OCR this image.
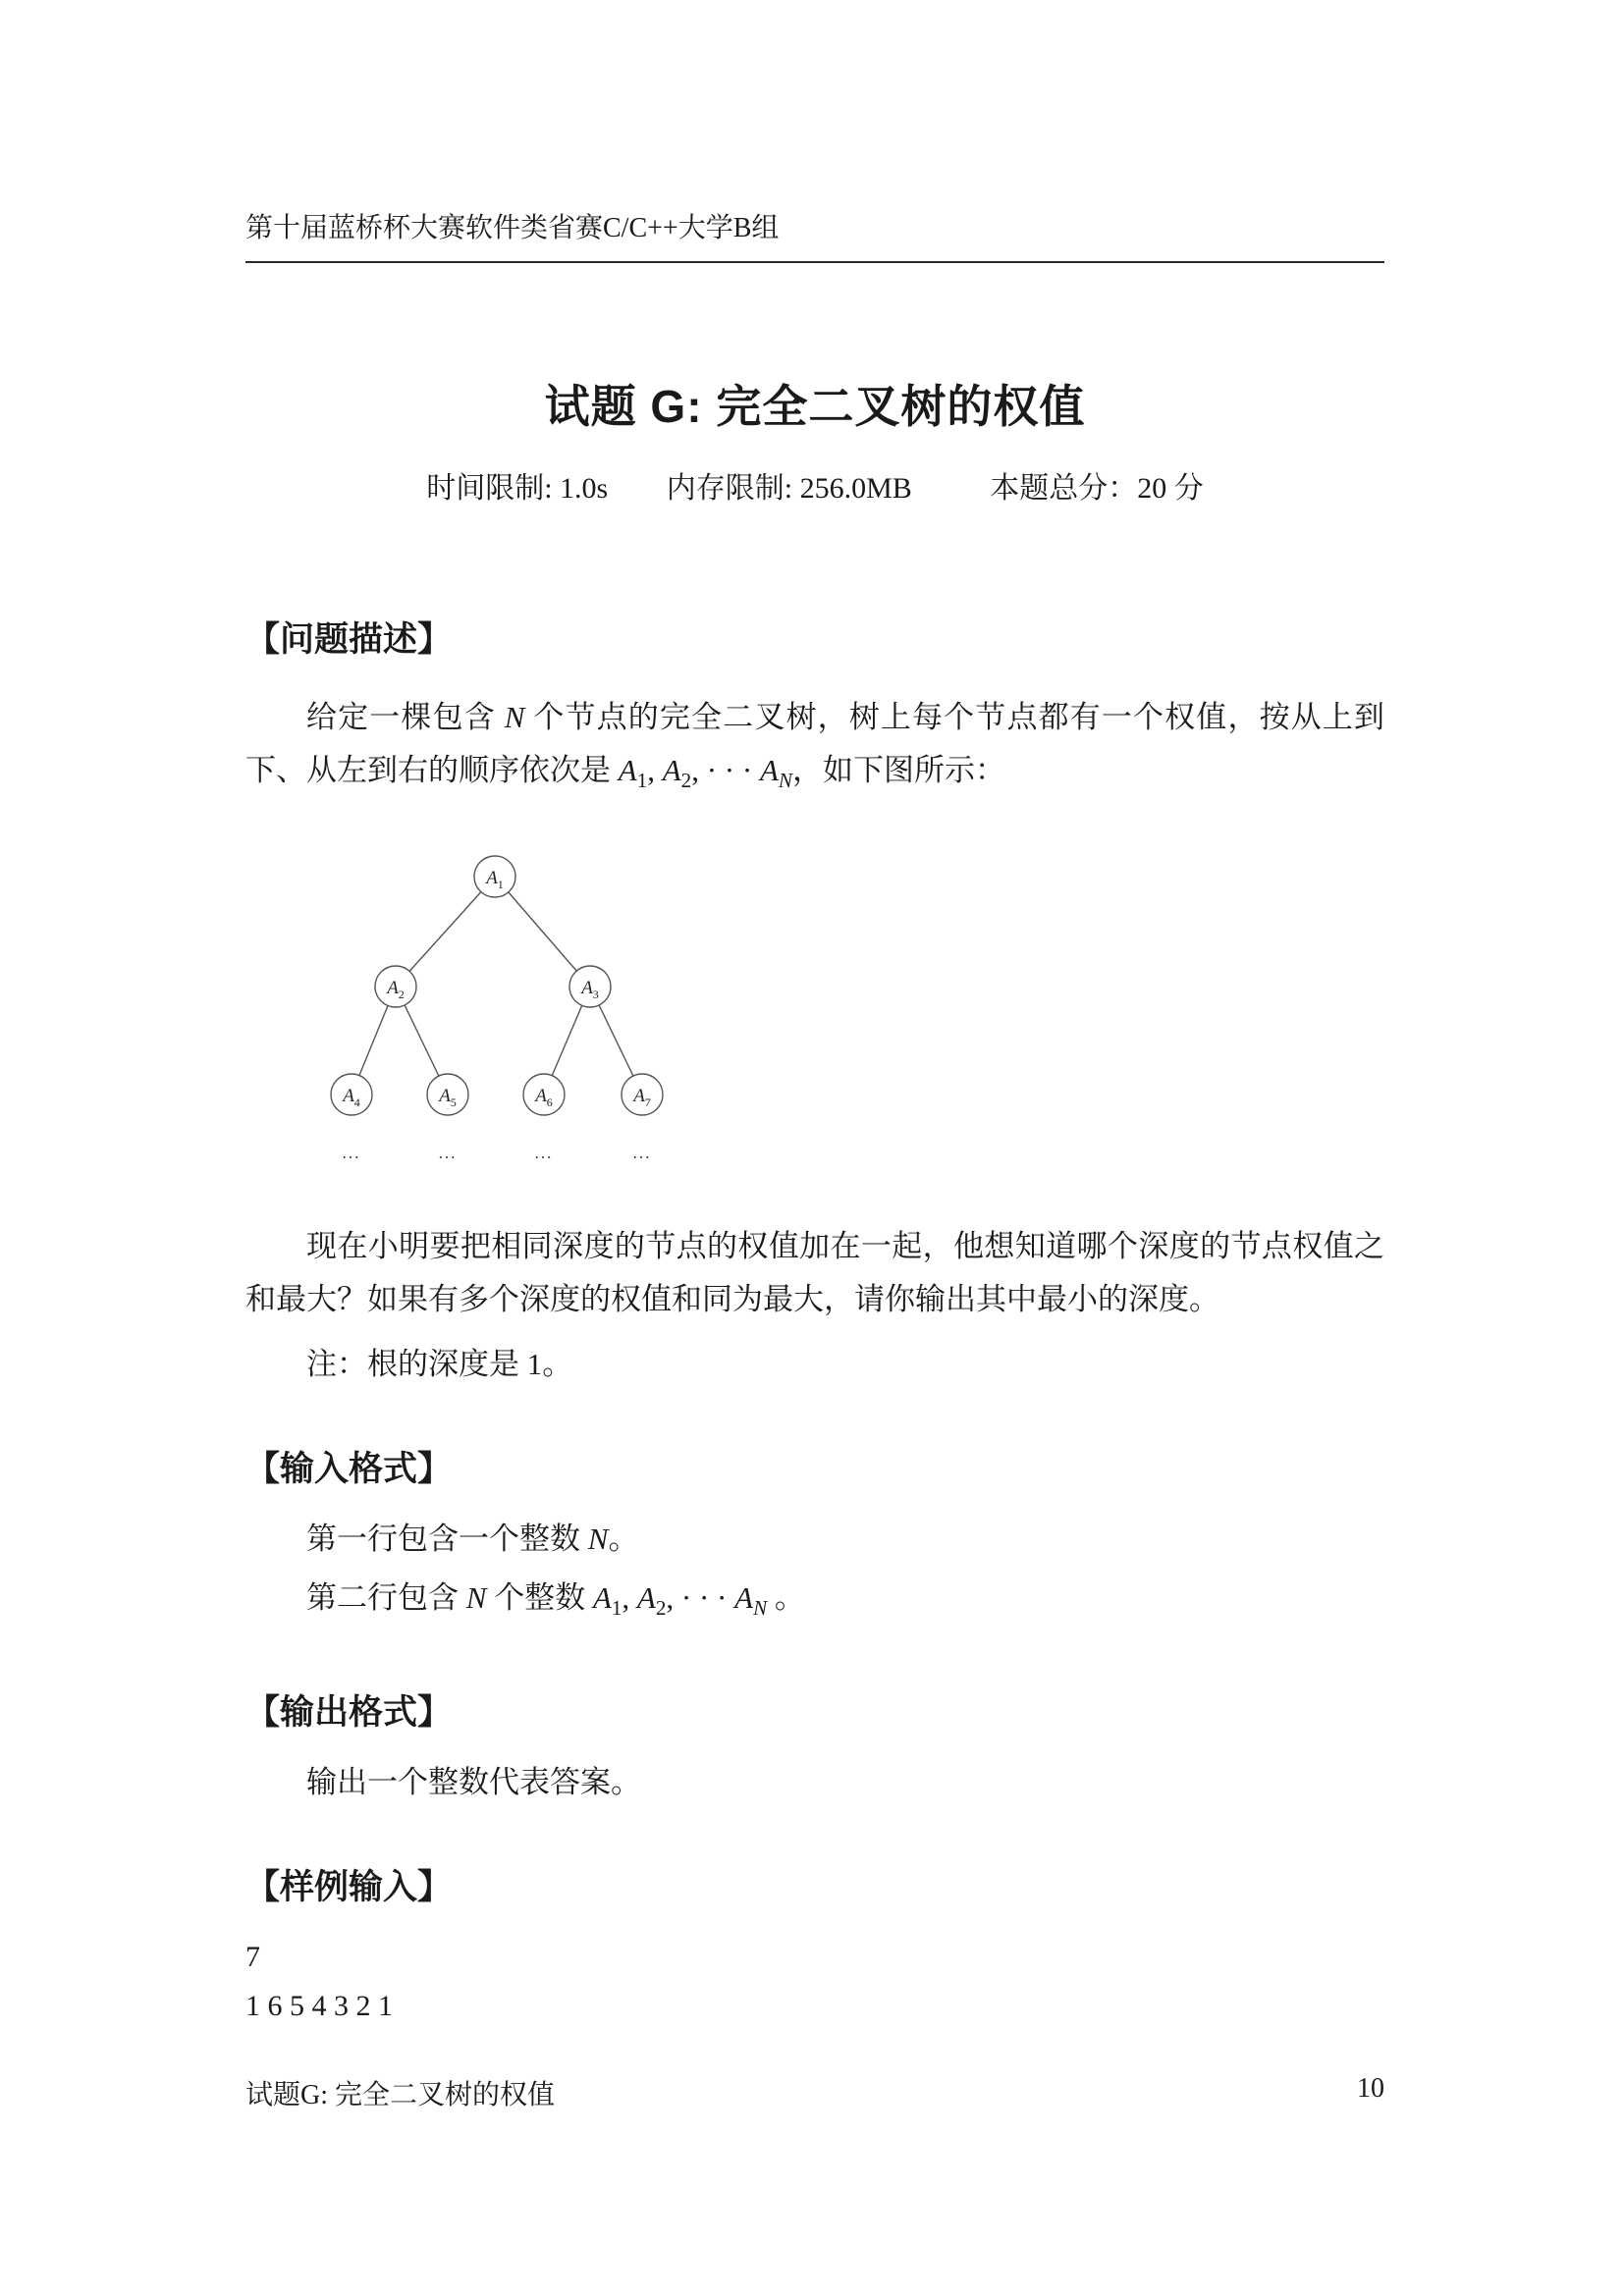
第十届蓝桥杯大赛软件类省赛C/C++大学B组
试题 G: 完全二叉树的权值
时间限制: 1.0s 内存限制: 256.0MB	本题总分：20 分
【问题描述】

给定一棵包含 N 个节点的完全二叉树，树上每个节点都有一个权值，按从上到下、从左到右的顺序依次是 $A_1$, $A_2$, · · · $A_N$，如下图所示：

$A_1$
$A_2$	$A_3$
$A_4$	$A_5$	$A_6$	$A_7$
...	...	...	...

现在小明要把相同深度的节点的权值加在一起，他想知道哪个深度的节点权值之和最大？如果有多个深度的权值和同为最大，请你输出其中最小的深度。

注：根的深度是 1。

【输入格式】

第一行包含一个整数 N。

第二行包含 N 个整数 $A_1$, $A_2$, · · · $A_N$ 。

【输出格式】

输出一个整数代表答案。

【样例输入】
7
1 6 5 4 3 2 1
试题G: 完全二叉树的权值	10
